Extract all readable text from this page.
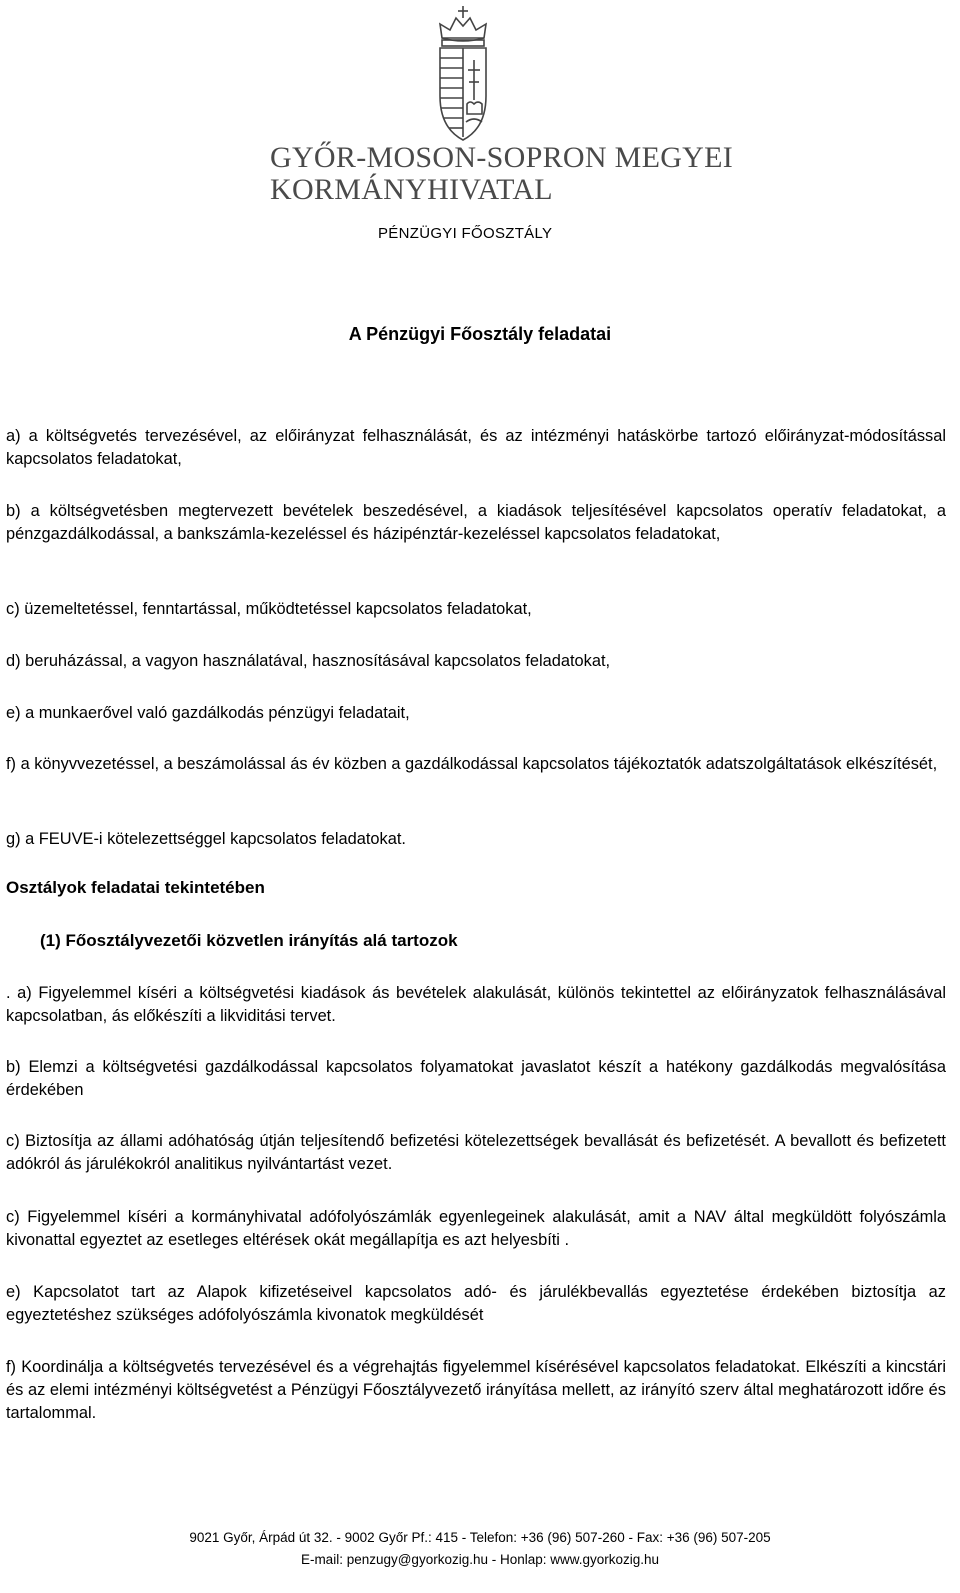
GYŐR-MOSON-SOPRON MEGYEI
KORMÁNYHIVATAL
PÉNZÜGYI FŐOSZTÁLY
A Pénzügyi Főosztály feladatai

a) a költségvetés tervezésével, az előirányzat felhasználását, és az intézményi hatáskörbe tartozó előirányzat-módosítással kapcsolatos feladatokat,

b) a költségvetésben megtervezett bevételek beszedésével, a kiadások teljesítésével kapcsolatos operatív feladatokat, a pénzgazdálkodással, a bankszámla-kezeléssel és házipénztár-kezeléssel kapcsolatos feladatokat,

c) üzemeltetéssel, fenntartással, működtetéssel kapcsolatos feladatokat,

d) beruházással, a vagyon használatával, hasznosításával kapcsolatos feladatokat,

e) a munkaerővel való gazdálkodás pénzügyi feladatait,

f) a könyvvezetéssel, a beszámolással ás év közben a gazdálkodással kapcsolatos tájékoztatók adatszolgáltatások elkészítését,

g) a FEUVE-i kötelezettséggel kapcsolatos feladatokat.

Osztályok feladatai tekintetében

(1) Főosztályvezetői közvetlen irányítás alá tartozok

. a) Figyelemmel kíséri a költségvetési kiadások ás bevételek alakulását, különös tekintettel az előirányzatok felhasználásával kapcsolatban, ás előkészíti a likviditási tervet.

b) Elemzi a költségvetési gazdálkodással kapcsolatos folyamatokat javaslatot készít a hatékony gazdálkodás megvalósítása érdekében

c) Biztosítja az állami adóhatóság útján teljesítendő befizetési kötelezettségek bevallását és befizetését. A bevallott és befizetett adókról ás járulékokról analitikus nyilvántartást vezet.

c) Figyelemmel kíséri a kormányhivatal adófolyószámlák egyenlegeinek alakulását, amit a NAV által megküldött folyószámla kivonattal egyeztet az esetleges eltérések okát megállapítja es azt helyesbíti .

e) Kapcsolatot tart az Alapok kifizetéseivel kapcsolatos adó- és járulékbevallás egyeztetése érdekében biztosítja az egyeztetéshez szükséges adófolyószámla kivonatok megküldését

f) Koordinálja a költségvetés tervezésével és a végrehajtás figyelemmel kísérésével kapcsolatos feladatokat. Elkészíti a kincstári és az elemi intézményi költségvetést a Pénzügyi Főosztályvezető irányítása mellett, az irányító szerv által meghatározott időre és tartalommal.

9021 Győr, Árpád út 32. - 9002 Győr Pf.: 415 - Telefon: +36 (96) 507-260 - Fax: +36 (96) 507-205
E-mail: penzugy@gyorkozig.hu - Honlap: www.gyorkozig.hu
